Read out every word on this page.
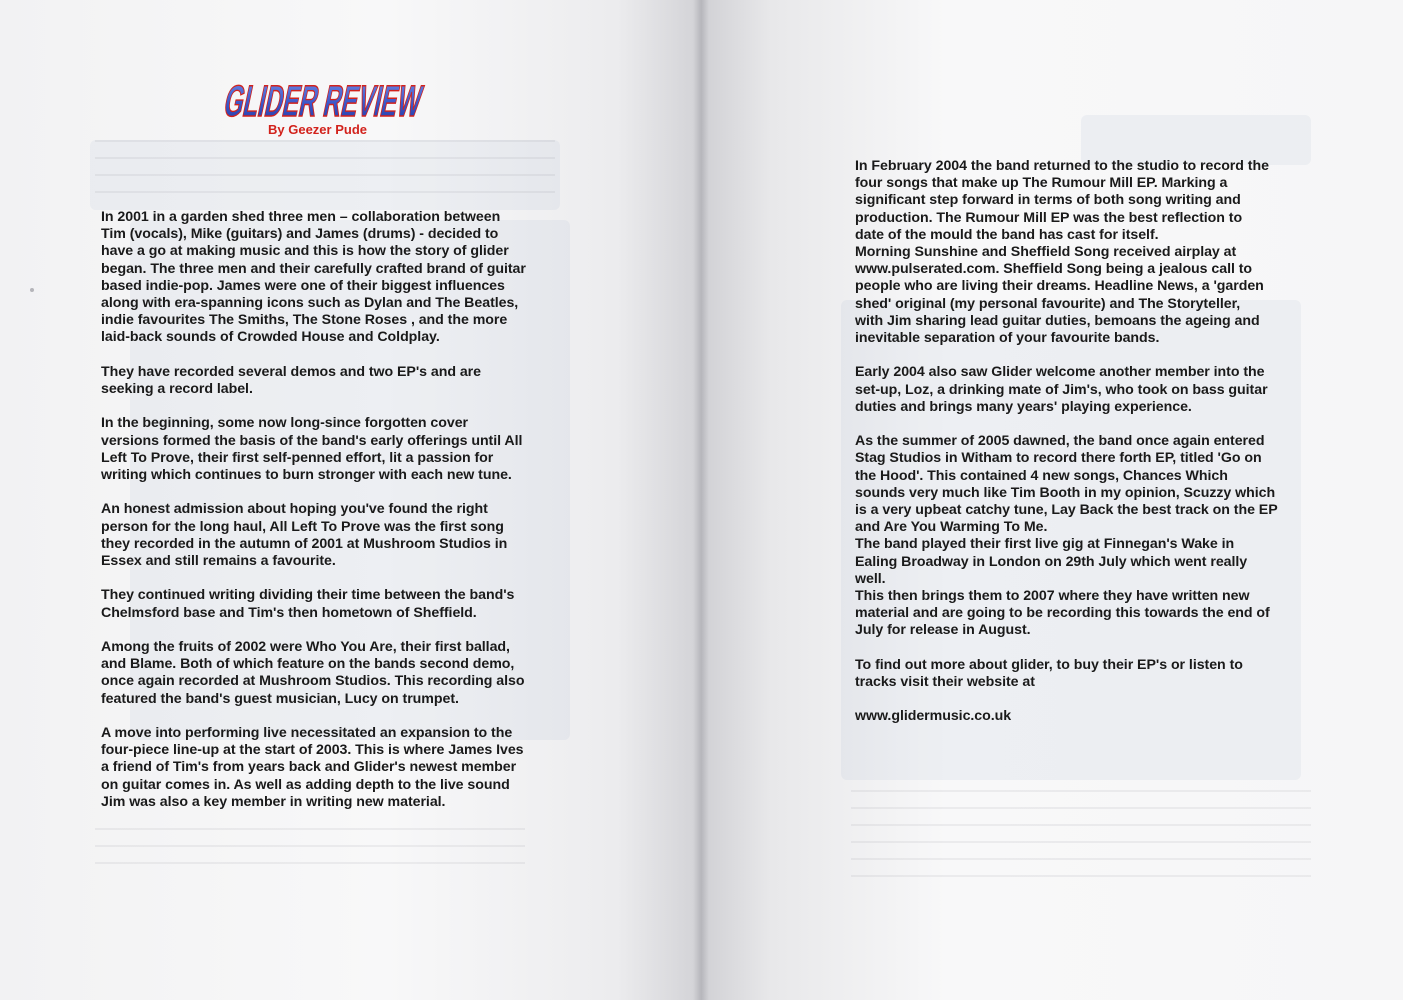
GLIDER REVIEW
By Geezer Pude

In 2001 in a garden shed three men – collaboration between
Tim (vocals), Mike (guitars) and James (drums) - decided to
have a go at making music and this is how the story of glider
began. The three men and their carefully crafted brand of guitar
based indie-pop. James were one of their biggest influences
along with era-spanning icons such as Dylan and The Beatles,
indie favourites The Smiths, The Stone Roses , and the more
laid-back sounds of Crowded House and Coldplay.

They have recorded several demos and two EP's and are
seeking a record label.

In the beginning, some now long-since forgotten cover
versions formed the basis of the band's early offerings until All
Left To Prove, their first self-penned effort, lit a passion for
writing which continues to burn stronger with each new tune.

An honest admission about hoping you've found the right
person for the long haul, All Left To Prove was the first song
they recorded in the autumn of 2001 at Mushroom Studios in
Essex and still remains a favourite.

They continued writing dividing their time between the band's
Chelmsford base and Tim's then hometown of Sheffield.

Among the fruits of 2002 were Who You Are, their first ballad,
and Blame. Both of which feature on the bands second demo,
once again recorded at Mushroom Studios. This recording also
featured the band's guest musician, Lucy on trumpet.

A move into performing live necessitated an expansion to the
four-piece line-up at the start of 2003. This is where James Ives
a friend of Tim's from years back and Glider's newest member
on guitar comes in. As well as adding depth to the live sound
Jim was also a key member in writing new material.

In February 2004 the band returned to the studio to record the
four songs that make up The Rumour Mill EP. Marking a
significant step forward in terms of both song writing and
production. The Rumour Mill EP was the best reflection to
date of the mould the band has cast for itself.
Morning Sunshine and Sheffield Song received airplay at
www.pulserated.com. Sheffield Song being a jealous call to
people who are living their dreams. Headline News, a 'garden
shed' original (my personal favourite) and The Storyteller,
with Jim sharing lead guitar duties, bemoans the ageing and
inevitable separation of your favourite bands.

Early 2004 also saw Glider welcome another member into the
set-up, Loz, a drinking mate of Jim's, who took on bass guitar
duties and brings many years' playing experience.

As the summer of 2005 dawned, the band once again entered
Stag Studios in Witham to record there forth EP, titled 'Go on
the Hood'. This contained 4 new songs, Chances Which
sounds very much like Tim Booth in my opinion, Scuzzy which
is a very upbeat catchy tune, Lay Back the best track on the EP
and Are You Warming To Me.
The band played their first live gig at Finnegan's Wake in
Ealing Broadway in London on 29th July which went really
well.
This then brings them to 2007 where they have written new
material and are going to be recording this towards the end of
July for release in August.

To find out more about glider, to buy their EP's or listen to
tracks visit their website at

www.glidermusic.co.uk
